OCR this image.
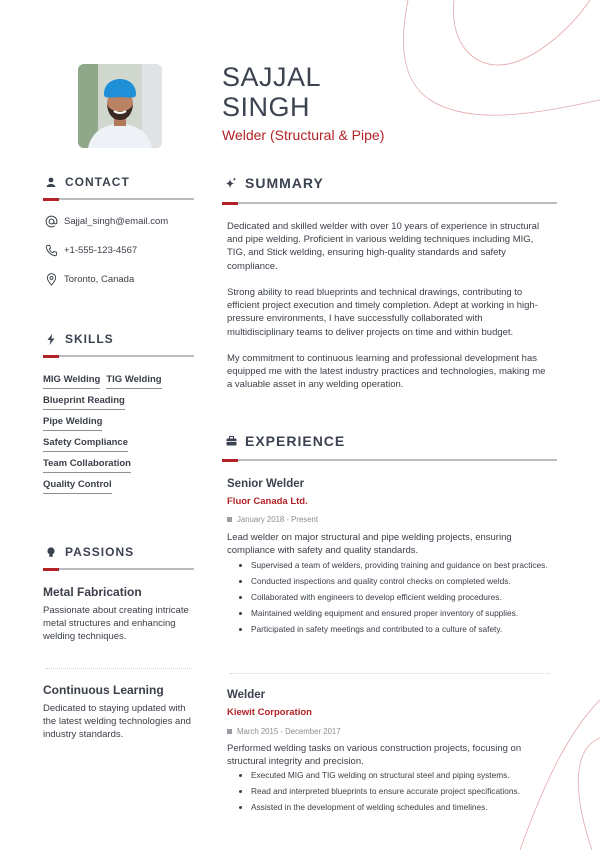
SAJJAL
SINGH
Welder (Structural & Pipe)
CONTACT
Sajjal_singh@email.com
+1-555-123-4567
Toronto, Canada
SKILLS
MIG Welding TIG Welding
Blueprint Reading
Pipe Welding
Safety Compliance
Team Collaboration
Quality Control
PASSIONS
Metal Fabrication
Passionate about creating intricate metal structures and enhancing welding techniques.
Continuous Learning
Dedicated to staying updated with the latest welding technologies and industry standards.
SUMMARY
Dedicated and skilled welder with over 10 years of experience in structural and pipe welding. Proficient in various welding techniques including MIG, TIG, and Stick welding, ensuring high-quality standards and safety compliance.
Strong ability to read blueprints and technical drawings, contributing to efficient project execution and timely completion. Adept at working in high-pressure environments, I have successfully collaborated with multidisciplinary teams to deliver projects on time and within budget.
My commitment to continuous learning and professional development has equipped me with the latest industry practices and technologies, making me a valuable asset in any welding operation.
EXPERIENCE
Senior Welder
Fluor Canada Ltd.
January 2018 - Present
Lead welder on major structural and pipe welding projects, ensuring compliance with safety and quality standards.
Supervised a team of welders, providing training and guidance on best practices.
Conducted inspections and quality control checks on completed welds.
Collaborated with engineers to develop efficient welding procedures.
Maintained welding equipment and ensured proper inventory of supplies.
Participated in safety meetings and contributed to a culture of safety.
Welder
Kiewit Corporation
March 2015 - December 2017
Performed welding tasks on various construction projects, focusing on structural integrity and precision.
Executed MIG and TIG welding on structural steel and piping systems.
Read and interpreted blueprints to ensure accurate project specifications.
Assisted in the development of welding schedules and timelines.
